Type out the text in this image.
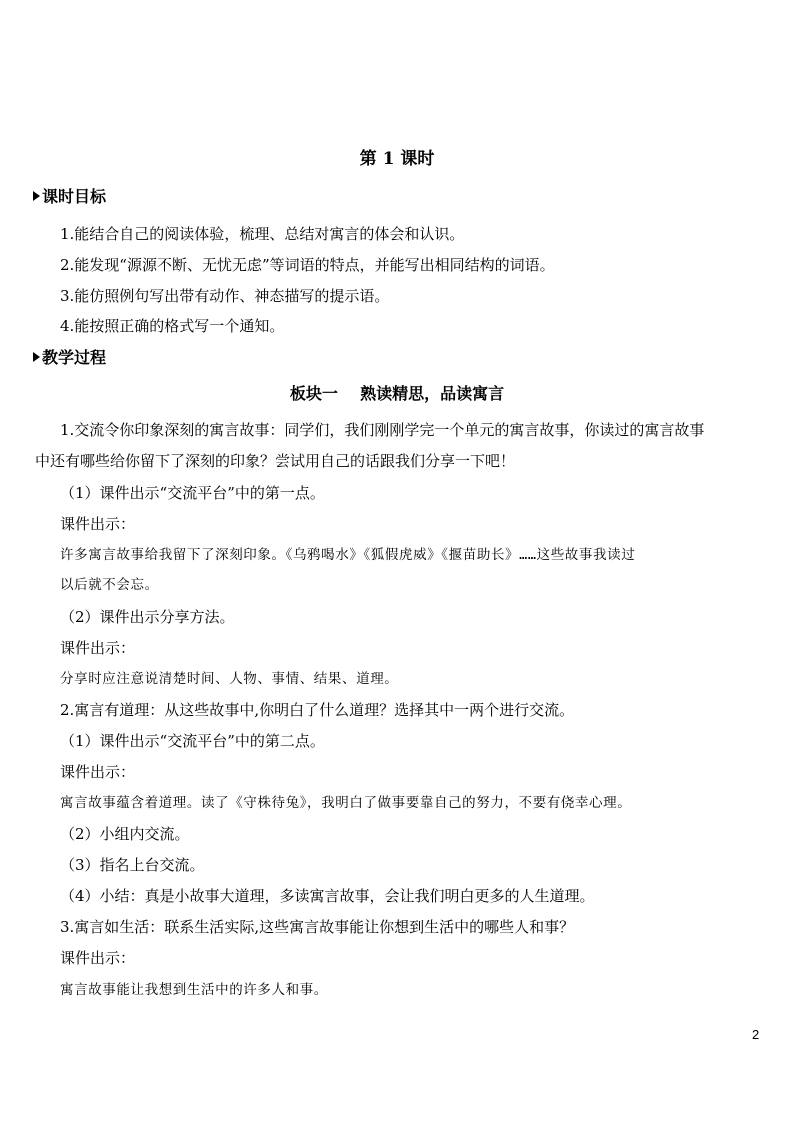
第 1 课时
课时目标
1.能结合自己的阅读体验，梳理、总结对寓言的体会和认识。
2.能发现“源源不断、无忧无虑”等词语的特点，并能写出相同结构的词语。
3.能仿照例句写出带有动作、神态描写的提示语。
4.能按照正确的格式写一个通知。
教学过程
板块一    熟读精思，品读寓言
1.交流令你印象深刻的寓言故事：同学们，我们刚刚学完一个单元的寓言故事，你读过的寓言故事
中还有哪些给你留下了深刻的印象？尝试用自己的话跟我们分享一下吧！
（1）课件出示“交流平台”中的第一点。
课件出示：
许多寓言故事给我留下了深刻印象。《乌鸦喝水》《狐假虎威》《揠苗助长》……这些故事我读过
以后就不会忘。
（2）课件出示分享方法。
课件出示：
分享时应注意说清楚时间、人物、事情、结果、道理。
2.寓言有道理：从这些故事中,你明白了什么道理？选择其中一两个进行交流。
（1）课件出示“交流平台”中的第二点。
课件出示：
寓言故事蕴含着道理。读了《守株待兔》，我明白了做事要靠自己的努力，不要有侥幸心理。
（2）小组内交流。
（3）指名上台交流。
（4）小结：真是小故事大道理，多读寓言故事，会让我们明白更多的人生道理。
3.寓言如生活：联系生活实际,这些寓言故事能让你想到生活中的哪些人和事？
课件出示：
寓言故事能让我想到生活中的许多人和事。
2
